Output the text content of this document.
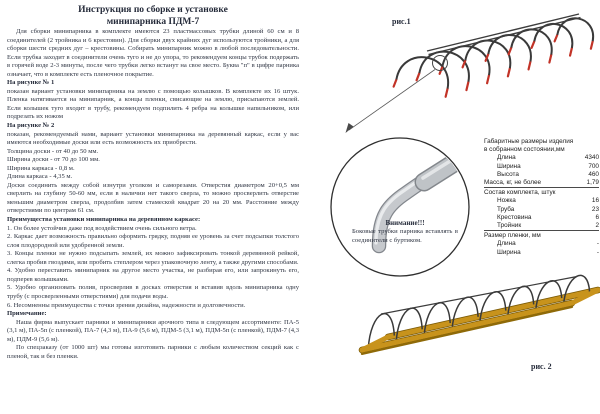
Инструкция по сборке и установке
минипарника ПДМ-7

Для сборки минипарника в комплекте имеются 23 пластмассовых трубки длиной 60 см и 8 соединителей (2 тройника и 6 крестовин). Для сборки двух крайних дуг используются тройники, а для сборки шести средних дуг – крестовины. Собирать минипарник можно в любой последовательности. Если трубка заходит в соединители очень туго и не до упора, то рекомендуем концы трубок подержать в горячей воде 2-3 минуты, после чего трубки легко встанут на свое место. Буква "п" в цифре парника означает, что в комплекте есть пленочное покрытие.

На рисунке № 1

показан вариант установки минипарника на землю с помощью колышков. В комплекте их 16 штук. Пленка натягивается на минипарник, а концы пленки, свисающие на землю, присыпаются землей. Если колышек туго входит в трубу, рекомендуем подпилить 4 ребра на колышке напильником, или подрезать их ножом

На рисунке № 2

показан, рекомендуемый нами, вариант установки минипарника на деревянный каркас, если у вас имеются необходимые доски или есть возможность их приобрести.

Толщина доски - от 40 до 50 мм.

Ширина доски - от 70 до 100 мм.

Ширина каркаса - 0,8 м.

Длина каркаса - 4,35 м.

Доски соединить между собой изнутри уголком и саморезами. Отверстия диаметром 20+0,5 мм сверлить на глубину 50-60 мм, если в наличии нет такого сверла, то можно просверлить отверстие меньшим диаметром сверла, продолбив затем стамеской квадрат 20 на 20 мм. Расстояние между отверстиями по центрам 61 см.

Преимущества установки минипарника на деревянном каркасе:

1. Он более устойчив даже под воздействием очень сильного ветра.

2. Каркас дает возможность правильно оформить грядку, подняв ее уровень за счет подсыпки толстого слоя плодородной или удобренной земли.

3. Концы пленки не нужно подсыпать землей, их можно зафиксировать тонкой деревянной рейкой, слегка пробив гвоздями, или пробить степлером через упаковочную ленту, а также другими способами.

4. Удобно переставить минипарник на другое место участка, не разбирая его, или запрокинуть его, подперев колышками.

5. Удобно организовать полив, просверлив в досках отверстия и вставив вдоль минипарника одну трубу (с просверленными отверстиями) для подачи воды.

6. Несомненны преимущества с точки зрения дизайна, надежности и долговечности.

Примечание:

Наша фирма выпускает парники и минипарники арочного типа в следующем ассортименте: ПА-5 (3,1 м), ПА-5п (с пленкой), ПА-7 (4,3 м), ПА-9 (5,6 м), ПДМ-5 (3,1 м), ПДМ-5п (с пленкой), ПДМ-7 (4,3 м), ПДМ-9 (5,6 м).

По спецзаказу (от 1000 шт) мы готовы изготовить парники с любым количеством секций как с пленой, так и без пленки.

рис.1
рис. 2

Внимание!!!

Боковые трубки парника вставлять в соединители с буртиком.

Габаритные размеры изделия
в собранном состоянии,мм
Длина	4340
Ширина	700
Высота	460
Масса, кг, не более	1,79
Состав комплекта, штук
Ножка	16
Труба	23
Крестовина	6
Тройник	2
Размер пленки, мм
Длина	-
Ширина	-
